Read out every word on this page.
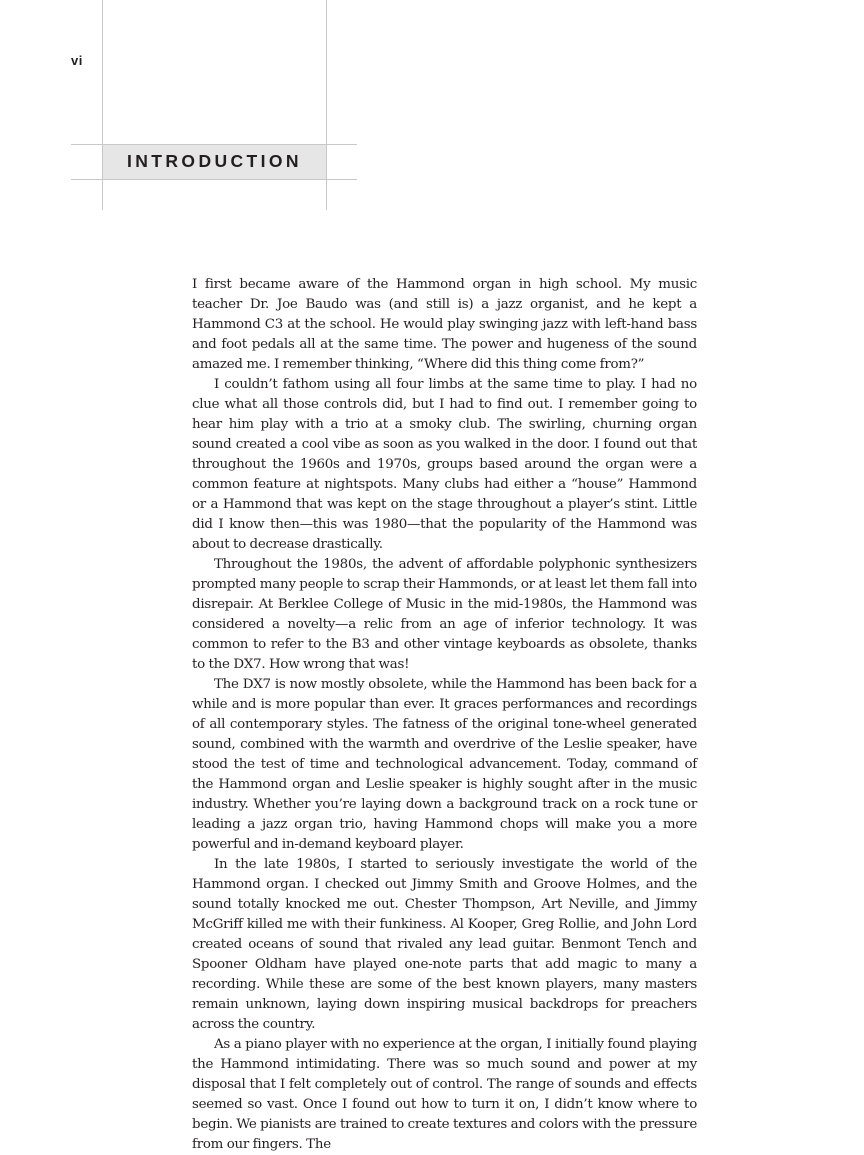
vi
INTRODUCTION

I first became aware of the Hammond organ in high school. My music teacher Dr. Joe Baudo was (and still is) a jazz organist, and he kept a Hammond C3 at the school. He would play swinging jazz with left-hand bass and foot pedals all at the same time. The power and hugeness of the sound amazed me. I remember thinking, “Where did this thing come from?”

I couldn’t fathom using all four limbs at the same time to play. I had no clue what all those controls did, but I had to find out. I remember going to hear him play with a trio at a smoky club. The swirling, churning organ sound created a cool vibe as soon as you walked in the door. I found out that throughout the 1960s and 1970s, groups based around the organ were a common feature at nightspots. Many clubs had either a “house” Hammond or a Hammond that was kept on the stage throughout a player’s stint. Little did I know then—this was 1980—that the popularity of the Hammond was about to decrease drastically.

Throughout the 1980s, the advent of affordable polyphonic synthesizers prompted many people to scrap their Hammonds, or at least let them fall into disrepair. At Berklee College of Music in the mid-1980s, the Hammond was considered a novelty—a relic from an age of inferior technology. It was common to refer to the B3 and other vintage keyboards as obsolete, thanks to the DX7. How wrong that was!

The DX7 is now mostly obsolete, while the Hammond has been back for a while and is more popular than ever. It graces performances and recordings of all contemporary styles. The fatness of the original tone-wheel generated sound, combined with the warmth and overdrive of the Leslie speaker, have stood the test of time and technological advancement. Today, command of the Hammond organ and Leslie speaker is highly sought after in the music industry. Whether you’re laying down a background track on a rock tune or leading a jazz organ trio, having Hammond chops will make you a more powerful and in-demand keyboard player.

In the late 1980s, I started to seriously investigate the world of the Hammond organ. I checked out Jimmy Smith and Groove Holmes, and the sound totally knocked me out. Chester Thompson, Art Neville, and Jimmy McGriff killed me with their funkiness. Al Kooper, Greg Rollie, and John Lord created oceans of sound that rivaled any lead guitar. Benmont Tench and Spooner Oldham have played one-note parts that add magic to many a recording. While these are some of the best known players, many masters remain unknown, laying down inspiring musical backdrops for preachers across the country.

As a piano player with no experience at the organ, I initially found playing the Hammond intimidating. There was so much sound and power at my disposal that I felt completely out of control. The range of sounds and effects seemed so vast. Once I found out how to turn it on, I didn’t know where to begin. We pianists are trained to create textures and colors with the pressure from our fingers. The
